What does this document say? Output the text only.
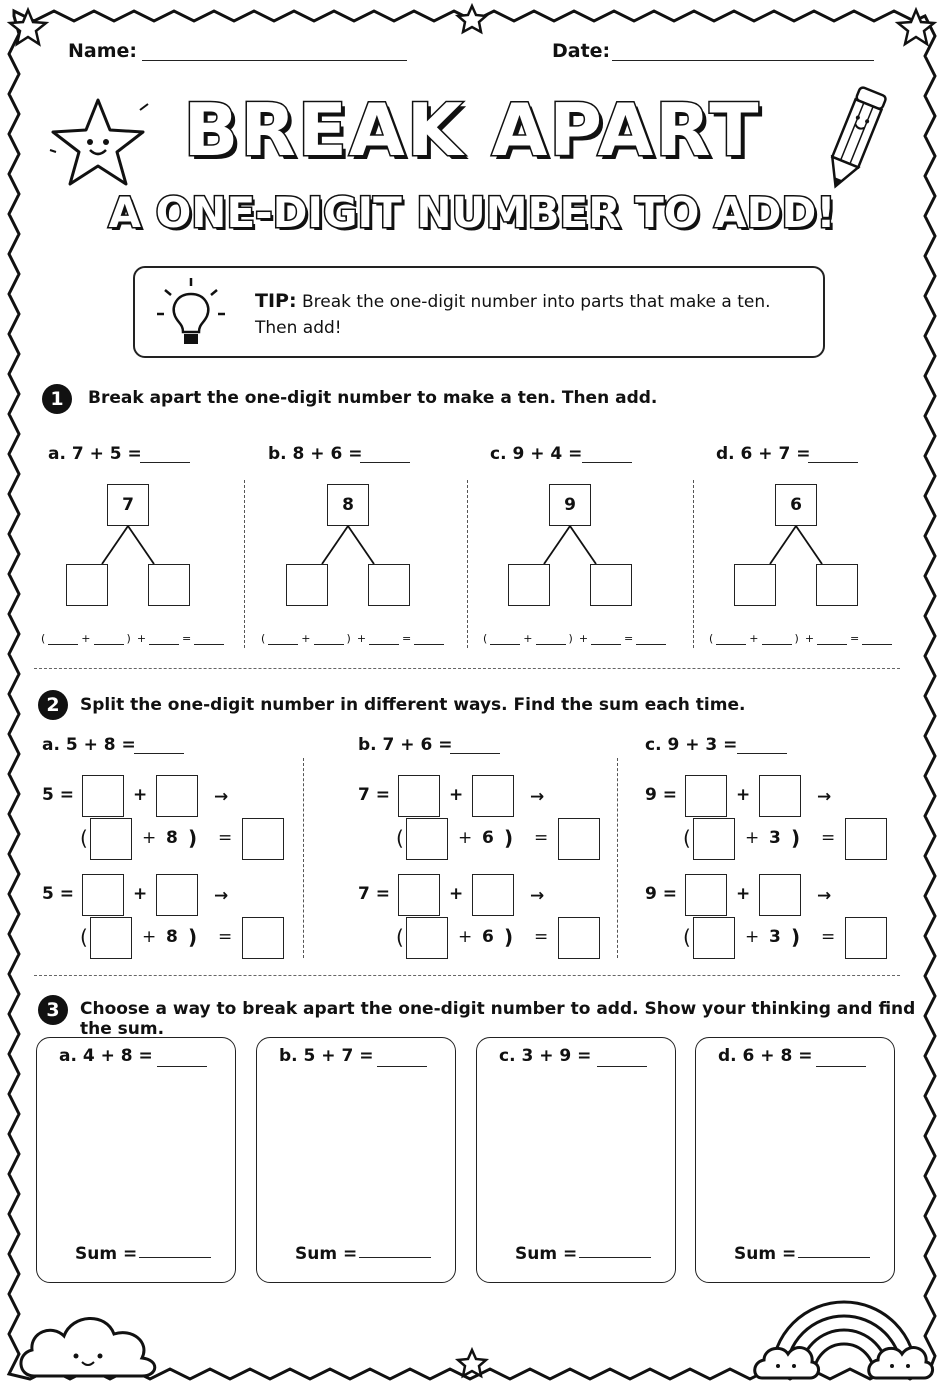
Name:	Date:
BREAK APART
A ONE-DIGIT NUMBER TO ADD!
TIP: Break the one-digit number into parts that make a ten.
Then add!
1	Break apart the one-digit number to make a ten. Then add.
a. 7 + 5 =
7
(	+	) +	=
b. 8 + 6 =
8
(	+	) +	=
c. 9 + 4 =
9
(	+	) +	=
d. 6 + 7 =
6
(	+	) +	=
2	Split the one-digit number in different ways. Find the sum each time.
a. 5 + 8 =
5 =	+	→
(	+ 8 ) =
5 =	+	→
(	+ 8 ) =
b. 7 + 6 =
7 =	+	→
(	+ 6 ) =
7 =	+	→
(	+ 6 ) =
c. 9 + 3 =
9 =	+	→
(	+ 3 ) =
9 =	+	→
(	+ 3 ) =
3	Choose a way to break apart the one-digit number to add. Show your thinking and find the sum.
a. 4 + 8 =
Sum =
b. 5 + 7 =
Sum =
c. 3 + 9 =
Sum =
d. 6 + 8 =
Sum =
